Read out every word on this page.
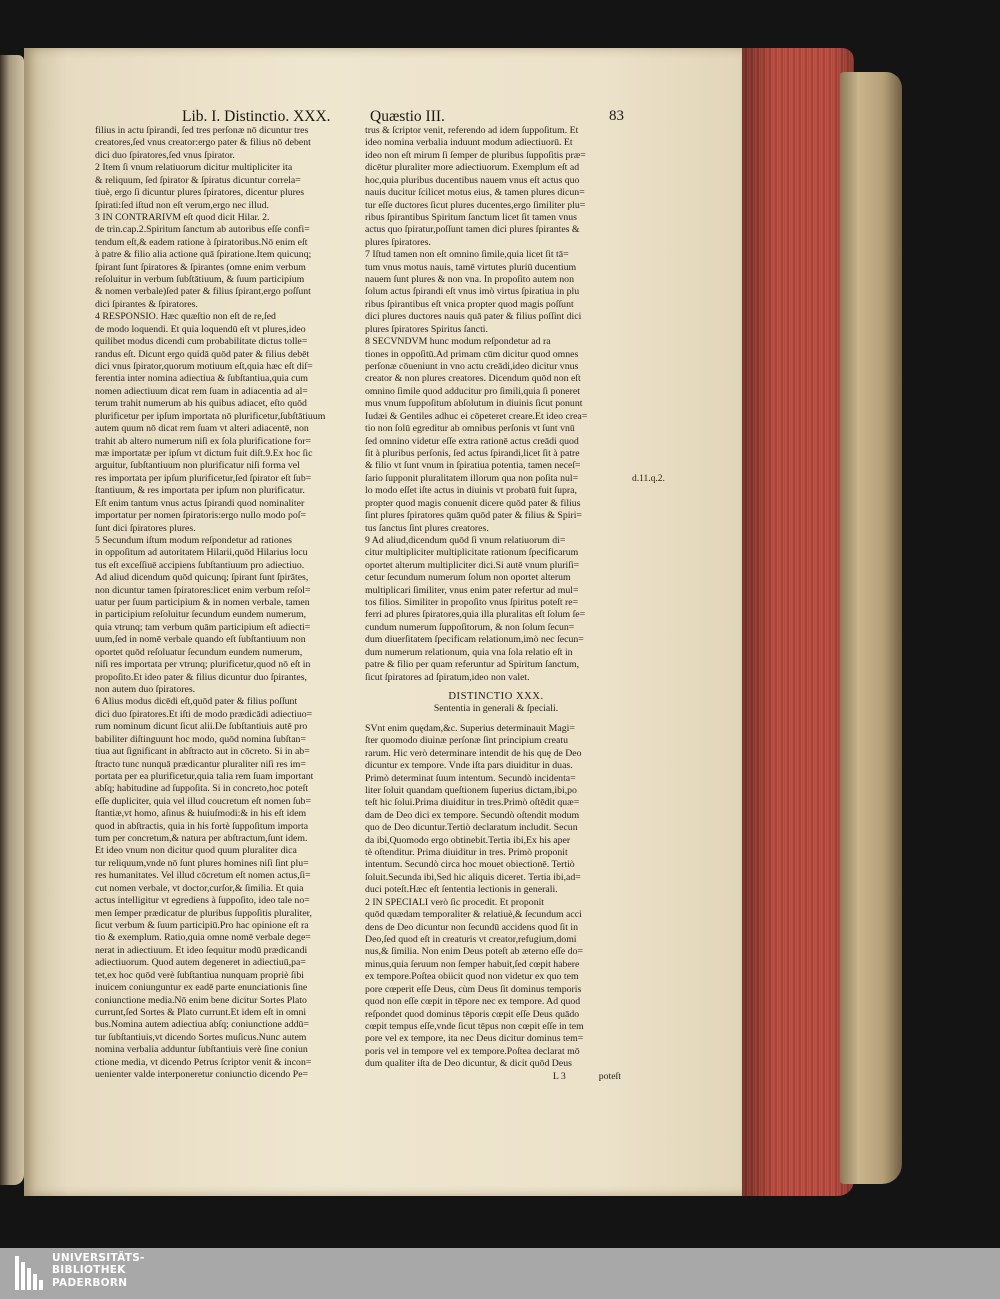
Lib. I. Distinctio. XXX.	Quæstio III.	83

filius in actu ſpirandi, ſed tres perſonæ nō dicuntur tres

creatores,ſed vnus creator:ergo pater & filius nō debent

dici duo ſpiratores,ſed vnus ſpirator.

2 Item ſi vnum relatiuorum dicitur multipliciter ita

& reliquum, ſed ſpirator & ſpiratus dicuntur correla=

tiuè, ergo ſi dicuntur plures ſpiratores, dicentur plures

ſpirati:ſed iſtud non eſt verum,ergo nec illud.

3 IN CONTRARIVM eſt quod dicit Hilar. 2.

de trin.cap.2.Spiritum ſanctum ab autoribus eſſe confi=

tendum eſt,& eadem ratione à ſpiratoribus.Nō enim eſt

à patre & filio alia actione quā ſpiratione.Item quicunq;

ſpirant ſunt ſpiratores & ſpirantes (omne enim verbum

reſoluitur in verbum ſubſtātiuum, & ſuum participium

& nomen verbale)ſed pater & filius ſpirant,ergo poſſunt

dici ſpirantes & ſpiratores.

4 RESPONSIO. Hæc quæſtio non eſt de re,ſed

de modo loquendi. Et quia loquendū eſt vt plures,ideo

quilibet modus dicendi cum probabilitate dictus tolle=

randus eſt. Dicunt ergo quidā quōd pater & filius debēt

dici vnus ſpirator,quorum motiuum eſt,quia hæc eſt diſ=

ferentia inter nomina adiectiua & ſubſtantiua,quia cum

nomen adiectiuum dicat rem ſuam in adiacentia ad al=

terum trahit numerum ab his quibus adiacet, eſto quōd

plurificetur per ipſum importata nō plurificetur,ſubſtātiuum

autem quum nō dicat rem ſuam vt alteri adiacentē, non

trahit ab altero numerum niſi ex ſola plurificatione for=

mæ importatæ per ipſum vt dictum fuit diſt.9.Ex hoc ſic

arguitur, ſubſtantiuum non plurificatur niſi forma vel

res importata per ipſum plurificetur,ſed ſpirator eſt ſub=

ſtantiuum, & res importata per ipſum non plurificatur.

Eſt enim tantum vnus actus ſpirandi quod nominaliter

importatur per nomen ſpiratoris:ergo nullo modo poſ=

ſunt dici ſpiratores plures.

5 Secundum iſtum modum reſpondetur ad rationes

in oppoſitum ad autoritatem Hilarii,quōd Hilarius locu

tus eſt exceſſiuē accipiens ſubſtantiuum pro adiectiuo.

Ad aliud dicendum quōd quicunq; ſpirant ſunt ſpirātes,

non dicuntur tamen ſpiratores:licet enim verbum reſol=

uatur per ſuum participium & in nomen verbale, tamen

in participium reſoluitur ſecundum eundem numerum,

quia vtrunq; tam verbum quām participium eſt adiecti=

uum,ſed in nomē verbale quando eſt ſubſtantiuum non

oportet quōd reſoluatur ſecundum eundem numerum,

niſi res importata per vtrunq; plurificetur,quod nō eſt in

propoſito.Et ideo pater & filius dicuntur duo ſpirantes,

non autem duo ſpiratores.

6 Alius modus dicēdi eſt,quōd pater & filius poſſunt

dici duo ſpiratores.Et iſti de modo prædicādi adiectiuo=

rum nominum dicunt ſicut alii.De ſubſtantiuis autē pro

babiliter diſtinguunt hoc modo, quōd nomina ſubſtan=

tiua aut ſignificant in abſtracto aut in cōcreto. Si in ab=

ſtracto tunc nunquā prædicantur pluraliter niſi res im=

portata per ea plurificetur,quia talia rem ſuam important

abſq; habitudine ad ſuppoſita. Si in concreto,hoc poteſt

eſſe dupliciter, quia vel illud coucretum eſt nomen ſub=

ſtantiæ,vt homo, aſinus & huiuſmodi:& in his eſt idem

quod in abſtractis, quia in his fortè ſuppoſitum importa

tum per concretum,& natura per abſtractum,ſunt idem.

Et ideo vnum non dicitur quod quum pluraliter dica

tur reliquum,vnde nō ſunt plures homines niſi ſint plu=

res humanitates. Vel illud cōcretum eſt nomen actus,ſi=

cut nomen verbale, vt doctor,curſor,& ſimilia. Et quia

actus intelligitur vt egrediens à ſuppoſito, ideo tale no=

men ſemper prædicatur de pluribus ſuppoſitis pluraliter,

ſicut verbum & ſuum participiū.Pro hac opinione eſt ra

tio & exemplum. Ratio,quia omne nomē verbale dege=

nerat in adiectiuum. Et ideo ſequitur modū prædicandi

adiectiuorum. Quod autem degeneret in adiectiuū,pa=

tet,ex hoc quōd verè ſubſtantiua nunquam propriè ſibi

inuicem coniunguntur ex eadē parte enunciationis ſine

coniunctione media.Nō enim bene dicitur Sortes Plato

currunt,ſed Sortes & Plato currunt.Et idem eſt in omni

bus.Nomina autem adiectiua abſq; coniunctione addū=

tur ſubſtantiuis,vt dicendo Sortes muſicus.Nunc autem

nomina verbalia adduntur ſubſtantiuis verè ſine coniun

ctione media, vt dicendo Petrus ſcriptor venit & incon=

uenienter valde interponeretur coniunctio dicendo Pe=

trus & ſcriptor venit, referendo ad idem ſuppoſitum. Et

ideo nomina verbalia induunt modum adiectiuorū. Et

ideo non eſt mirum ſi ſemper de pluribus ſuppoſitis præ=

dicētur pluraliter more adiectiuorum. Exemplum eſt ad

hoc,quia pluribus ducentibus nauem vnus eſt actus quo

nauis ducitur ſcilicet motus eius, & tamen plures dicun=

tur eſſe ductores ſicut plures ducentes,ergo ſimiliter plu=

ribus ſpirantibus Spiritum ſanctum licet ſit tamen vnus

actus quo ſpiratur,poſſunt tamen dici plures ſpirantes &

plures ſpiratores.

7 Iſtud tamen non eſt omnino ſimile,quia licet ſit tā=

tum vnus motus nauis, tamē virtutes pluriū ducentium

nauem ſunt plures & non vna. In propoſito autem non

ſolum actus ſpirandi eſt vnus imò virtus ſpiratiua in plu

ribus ſpirantibus eſt vnica propter quod magis poſſunt

dici plures ductores nauis quā pater & filius poſſint dici

plures ſpiratores Spiritus ſancti.

8 SECVNDVM hunc modum reſpondetur ad ra

tiones in oppoſitū.Ad primam cūm dicitur quod omnes

perſonæ cōueniunt in vno actu creādi,ideo dicitur vnus

creator & non plures creatores. Dicendum quōd non eſt

omnino ſimile quod adducitur pro ſimili,quia ſi poneret

mus vnum ſuppoſitum abſolutum in diuinis ſicut ponunt

Iudæi & Gentiles adhuc ei cōpeteret creare.Et ideo crea=

tio non ſolū egreditur ab omnibus perſonis vt ſunt vnū

ſed omnino videtur eſſe extra rationē actus creādi quod

ſit à pluribus perſonis, ſed actus ſpirandi,licet ſit à patre

& filio vt ſunt vnum in ſpiratiua potentia, tamen neceſ=

ſario ſupponit pluralitatem illorum qua non poſita nul=

lo modo eſſet iſte actus in diuinis vt probatū fuit ſupra,

propter quod magis conuenit dicere quōd pater & filius

ſint plures ſpiratores quām quōd pater & filius & Spiri=

tus ſanctus ſint plures creatores.

9 Ad aliud,dicendum quōd ſi vnum relatiuorum di=

citur multipliciter multiplicitate rationum ſpecificarum

oportet alterum multipliciter dici.Si autē vnum pluriſi=

cetur ſecundum numerum ſolum non oportet alterum

multiplicari ſimiliter, vnus enim pater refertur ad mul=

tos filios. Similiter in propoſito vnus ſpiritus poteſt re=

ferri ad plures ſpiratores,quia illa pluralitas eſt ſolum ſe=

cundum numerum ſuppoſitorum, & non ſolum ſecun=

dum diuerſitatem ſpecificam relationum,imò nec ſecun=

dum numerum relationum, quia vna ſola relatio eſt in

patre & filio per quam referuntur ad Spiritum ſanctum,

ſicut ſpiratores ad ſpiratum,ideo non valet.

DISTINCTIO XXX.

Sententia in generali & ſpeciali.

SVnt enim quędam,&c. Superius determinauit Magi=

ſter quomodo diuinæ perſonæ ſint principium creatu

rarum. Hic verò determinare intendit de his quę de Deo

dicuntur ex tempore. Vnde iſta pars diuiditur in duas.

Primò determinat ſuum intentum. Secundò incidenta=

liter ſoluit quandam queſtionem ſuperius dictam,ibi,po

teſt hic ſolui.Prima diuiditur in tres.Primò oſtēdit quæ=

dam de Deo dici ex tempore. Secundò oſtendit modum

quo de Deo dicuntur.Tertiò declaratum includit. Secun

da ibi,Quomodo ergo obtinebit.Tertia ibi,Ex his aper

tè oſtenditur. Prima diuiditur in tres. Primò proponit

intentum. Secundò circa hoc mouet obiectionē. Tertiò

ſoluit.Secunda ibi,Sed hic aliquis diceret. Tertia ibi,ad=

duci poteſt.Hæc eſt ſententia lectionis in generali.

2 IN SPECIALI verò ſic procedit. Et proponit

quōd quædam temporaliter & relatiuè,& ſecundum acci

dens de Deo dicuntur non ſecundū accidens quod ſit in

Deo,ſed quod eſt in creaturis vt creator,refugium,domi

nus,& ſimilia. Non enim Deus poteſt ab æterno eſſe do=

minus,quia ſeruum non ſemper habuit,ſed cœpit habere

ex tempore.Poſtea obiicit quod non videtur ex quo tem

pore cœperit eſſe Deus, cùm Deus ſit dominus temporis

quod non eſſe cœpit in tēpore nec ex tempore. Ad quod

reſpondet quod dominus tēporis cœpit eſſe Deus quādo

cœpit tempus eſſe,vnde ſicut tēpus non cœpit eſſe in tem

pore vel ex tempore, ita nec Deus dicitur dominus tem=

poris vel in tempore vel ex tempore.Poſtea declarat mō

dum qualiter iſta de Deo dicuntur, & dicit quōd Deus

L 3	poteſt

d.11.q.2.
UNIVERSITÄTS-
BIBLIOTHEK
PADERBORN
